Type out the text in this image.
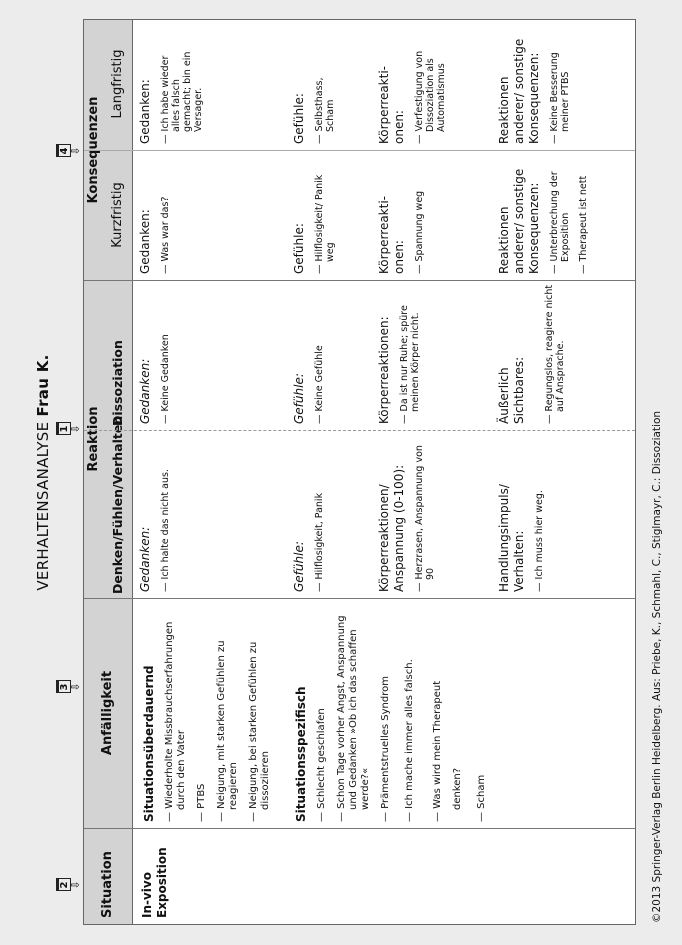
VERHALTENSANALYSE Frau K.
2 ⇩
3 ⇩
1 ⇩
4 ⇩
Situation In-vivo Exposition
Anfälligkeit Situationsüberdauernd — Wiederholte Missbrauchserfahrungen durch den Vater — PTBS — Neigung, mit starken Gefühlen zu reagieren — Neigung, bei starken Gefühlen zu dissoziieren Situationsspezifisch — Schlecht geschlafen — Schon Tage vorher Angst, Anspannung und Gedanken »Ob ich das schaffen werde?« — Prämentstruelles Syndrom	— Ich mache immer alles falsch.	— Was wird mein Therapeut denken?	— Scham
Reaktion Denken/Fühlen/Verhalten Gedanken: — Ich halte das nicht aus.	Gefühle: — Hilflosigkeit, Panik	Körperreaktionen/ Anspannung (0-100): — Herzrasen, Anspannung von 90	Handlungsimpuls/ Verhalten: — Ich muss hier weg.
Dissoziation Gedanken: — Keine Gedanken	Gefühle: — Keine Gefühle	Körperreaktionen: — Da ist nur Ruhe; spüre meinen Körper nicht.	Äußerlich Sichtbares: — Regungslos, reagiere nicht auf Ansprache.
Konsequenzen
Kurzfristig Gedanken: — Was war das?	Gefühle: — Hilflosigkeit/ Panik weg	Körperreakti-onen: — Spannung weg	Reaktionen anderer/ sonstige Konsequenzen: — Unterbrechung der Exposition — Therapeut ist nett
Langfristig Gedanken: — Ich habe wieder alles falsch gemacht; bin ein Versager.	Gefühle: — Selbsthass, Scham	Körperreakti-onen: — Verfestigung von Dissoziation als Automatismus	Reaktionen anderer/ sonstige Konsequenzen: — Keine Besserung meiner PTBS
©2013 Springer-Verlag Berlin Heidelberg. Aus: Priebe, K., Schmahl, C., Stiglmayr, C.: Dissoziation
